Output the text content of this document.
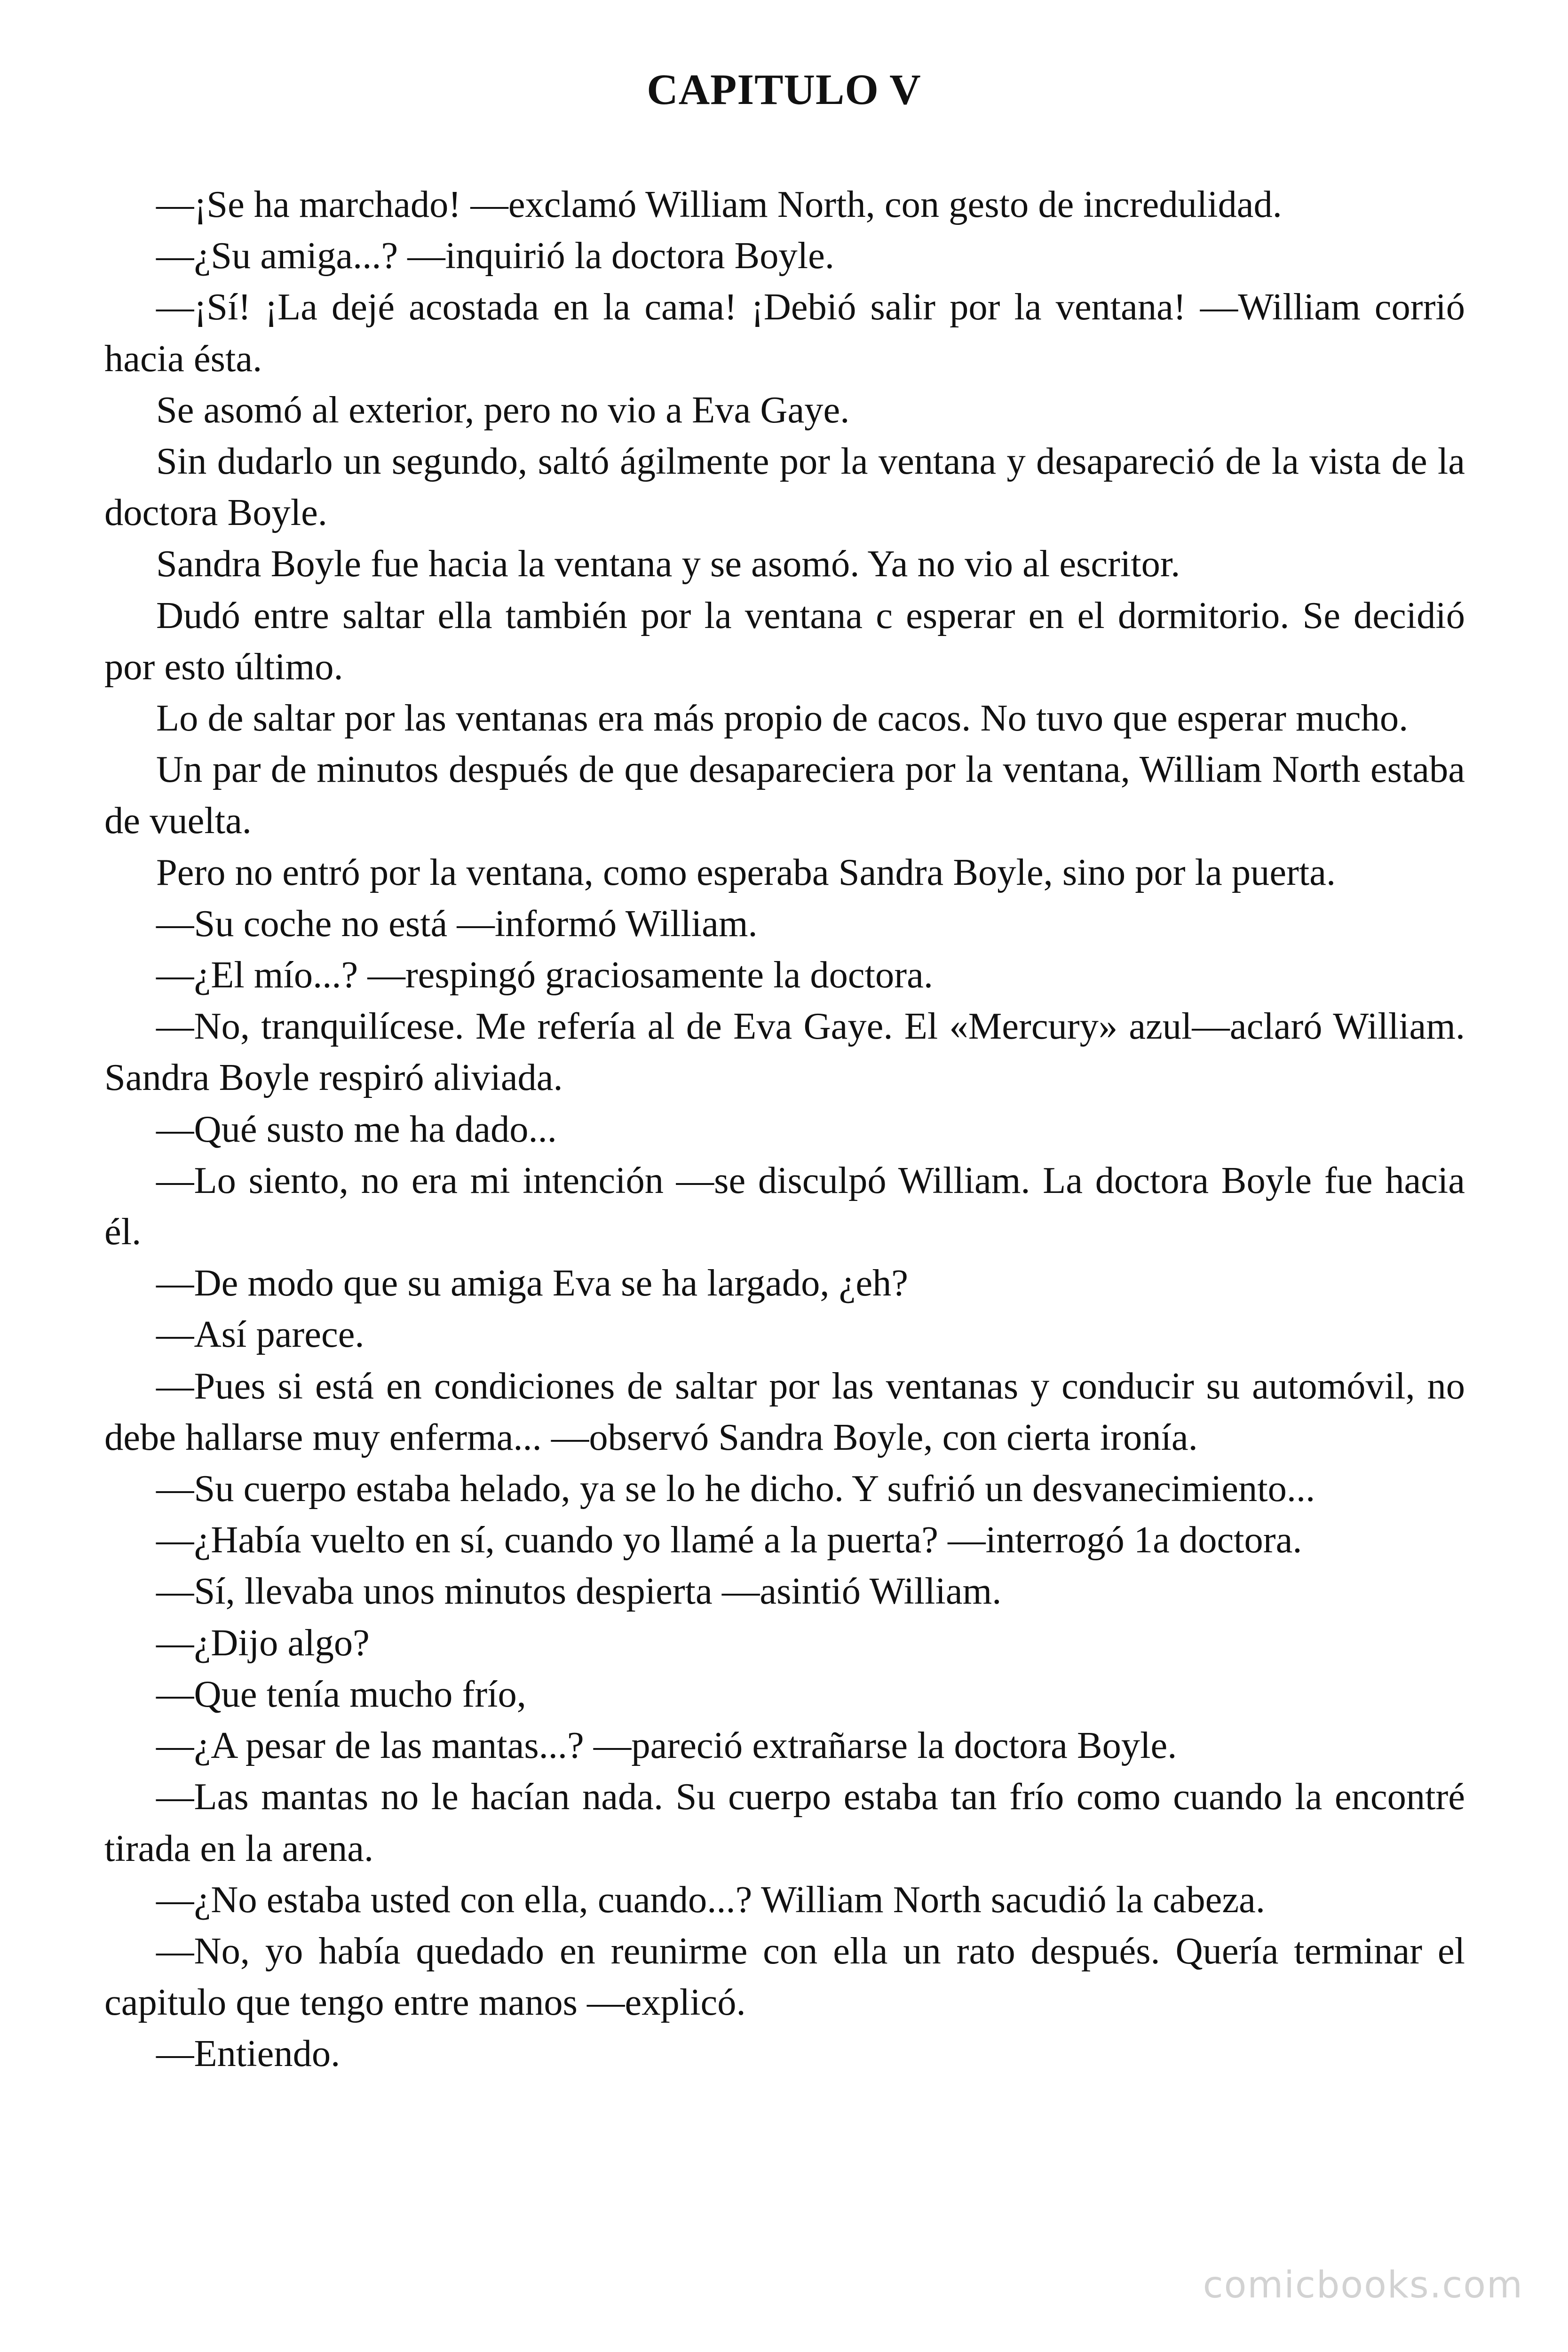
CAPITULO V

—¡Se ha marchado! —exclamó William North, con gesto de incredulidad.

—¿Su amiga...? —inquirió la doctora Boyle.

—¡Sí! ¡La dejé acostada en la cama! ¡Debió salir por la ventana! —William corrió hacia ésta.

Se asomó al exterior, pero no vio a Eva Gaye.

Sin dudarlo un segundo, saltó ágilmente por la ventana y desapareció de la vista de la doctora Boyle.

Sandra Boyle fue hacia la ventana y se asomó. Ya no vio al escritor.

Dudó entre saltar ella también por la ventana c esperar en el dormitorio. Se decidió por esto último.

Lo de saltar por las ventanas era más propio de cacos. No tuvo que esperar mucho.

Un par de minutos después de que desapareciera por la ventana, William North estaba de vuelta.

Pero no entró por la ventana, como esperaba Sandra Boyle, sino por la puerta.

—Su coche no está —informó William.

—¿El mío...? —respingó graciosamente la doctora.

—No, tranquilícese. Me refería al de Eva Gaye. El «Mercury» azul—aclaró William. Sandra Boyle respiró aliviada.

—Qué susto me ha dado...

—Lo siento, no era mi intención —se disculpó William. La doctora Boyle fue hacia él.

—De modo que su amiga Eva se ha largado, ¿eh?

—Así parece.

—Pues si está en condiciones de saltar por las ventanas y conducir su automóvil, no debe hallarse muy enferma... —observó Sandra Boyle, con cierta ironía.

—Su cuerpo estaba helado, ya se lo he dicho. Y sufrió un desvanecimiento...

—¿Había vuelto en sí, cuando yo llamé a la puerta? —interrogó 1a doctora.

—Sí, llevaba unos minutos despierta —asintió William.

—¿Dijo algo?

—Que tenía mucho frío,

—¿A pesar de las mantas...? —pareció extrañarse la doctora Boyle.

—Las mantas no le hacían nada. Su cuerpo estaba tan frío como cuando la encontré tirada en la arena.

—¿No estaba usted con ella, cuando...? William North sacudió la cabeza.

—No, yo había quedado en reunirme con ella un rato después. Quería terminar el capitulo que tengo entre manos —explicó.

—Entiendo.

comicbooks.com
